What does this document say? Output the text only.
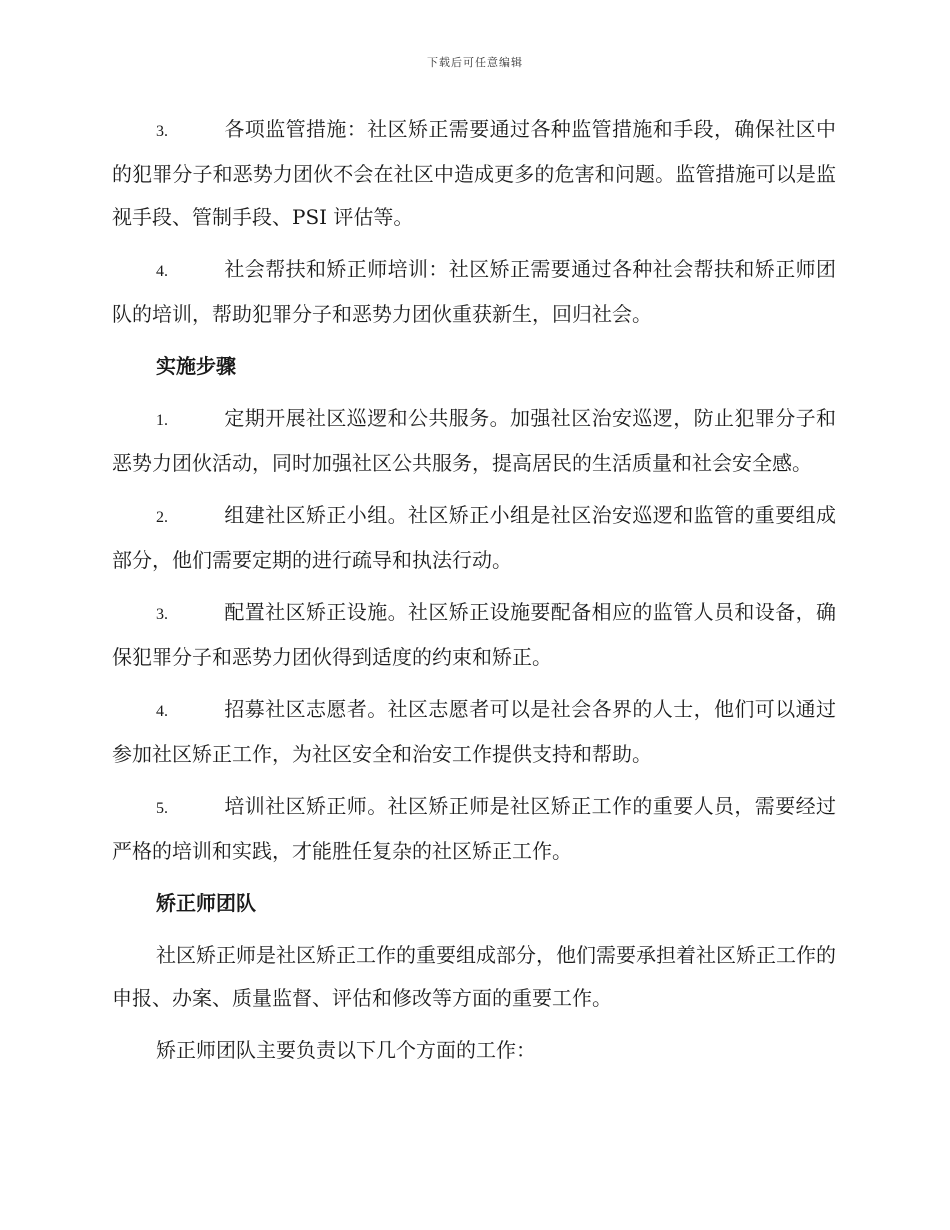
下载后可任意编辑

3.	各项监管措施：社区矫正需要通过各种监管措施和手段，确保社区中的犯罪分子和恶势力团伙不会在社区中造成更多的危害和问题。监管措施可以是监视手段、管制手段、PSI 评估等。

4.	社会帮扶和矫正师培训：社区矫正需要通过各种社会帮扶和矫正师团队的培训，帮助犯罪分子和恶势力团伙重获新生，回归社会。

实施步骤

1.	定期开展社区巡逻和公共服务。加强社区治安巡逻，防止犯罪分子和恶势力团伙活动，同时加强社区公共服务，提高居民的生活质量和社会安全感。

2.	组建社区矫正小组。社区矫正小组是社区治安巡逻和监管的重要组成部分，他们需要定期的进行疏导和执法行动。

3.	配置社区矫正设施。社区矫正设施要配备相应的监管人员和设备，确保犯罪分子和恶势力团伙得到适度的约束和矫正。

4.	招募社区志愿者。社区志愿者可以是社会各界的人士，他们可以通过参加社区矫正工作，为社区安全和治安工作提供支持和帮助。

5.	培训社区矫正师。社区矫正师是社区矫正工作的重要人员，需要经过严格的培训和实践，才能胜任复杂的社区矫正工作。

矫正师团队

社区矫正师是社区矫正工作的重要组成部分，他们需要承担着社区矫正工作的申报、办案、质量监督、评估和修改等方面的重要工作。

矫正师团队主要负责以下几个方面的工作：
